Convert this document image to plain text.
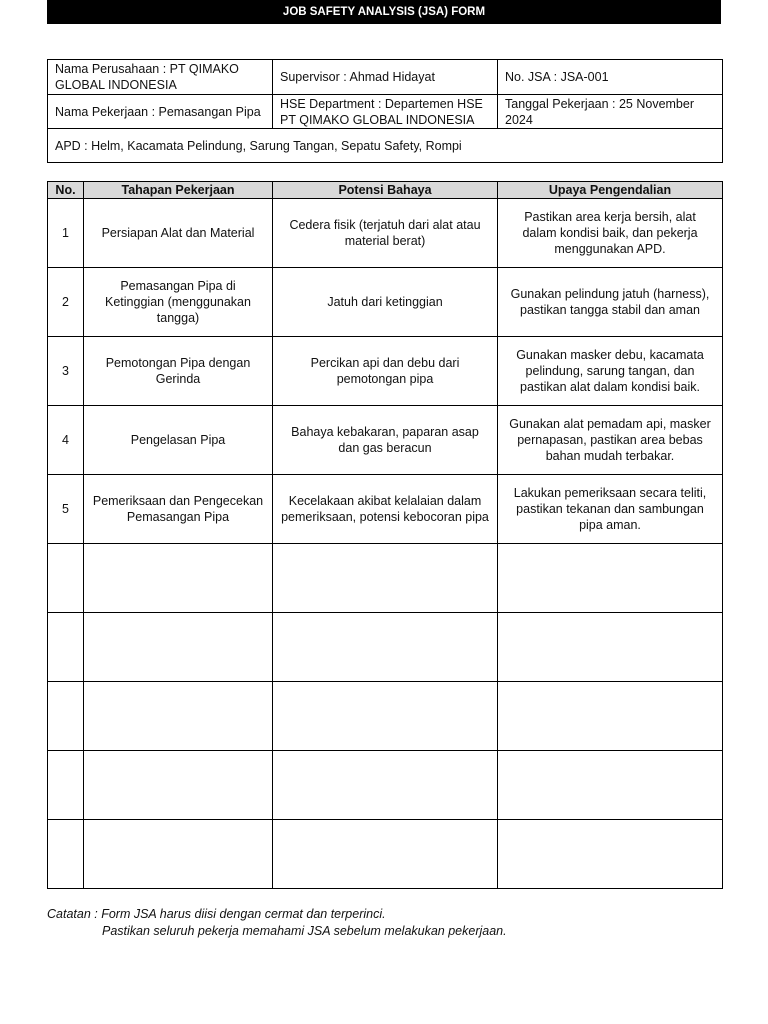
JOB SAFETY ANALYSIS (JSA) FORM
Nama Perusahaan : PT QIMAKO GLOBAL INDONESIA	Supervisor : Ahmad Hidayat	No. JSA : JSA-001
Nama Pekerjaan : Pemasangan Pipa	HSE Department : Departemen HSE PT QIMAKO GLOBAL INDONESIA	Tanggal Pekerjaan : 25 November 2024
APD : Helm, Kacamata Pelindung, Sarung Tangan, Sepatu Safety, Rompi		
No.	Tahapan Pekerjaan	Potensi Bahaya	Upaya Pengendalian
1	Persiapan Alat dan Material	Cedera fisik (terjatuh dari alat atau material berat)	Pastikan area kerja bersih, alat dalam kondisi baik, dan pekerja menggunakan APD.
2	Pemasangan Pipa di Ketinggian (menggunakan tangga)	Jatuh dari ketinggian	Gunakan pelindung jatuh (harness), pastikan tangga stabil dan aman
3	Pemotongan Pipa dengan Gerinda	Percikan api dan debu dari pemotongan pipa	Gunakan masker debu, kacamata pelindung, sarung tangan, dan pastikan alat dalam kondisi baik.
4	Pengelasan Pipa	Bahaya kebakaran, paparan asap dan gas beracun	Gunakan alat pemadam api, masker pernapasan, pastikan area bebas bahan mudah terbakar.
5	Pemeriksaan dan Pengecekan Pemasangan Pipa	Kecelakaan akibat kelalaian dalam pemeriksaan, potensi kebocoran pipa	Lakukan pemeriksaan secara teliti, pastikan tekanan dan sambungan pipa aman.

Catatan : Form JSA harus diisi dengan cermat dan terperinci.
Pastikan seluruh pekerja memahami JSA sebelum melakukan pekerjaan.
